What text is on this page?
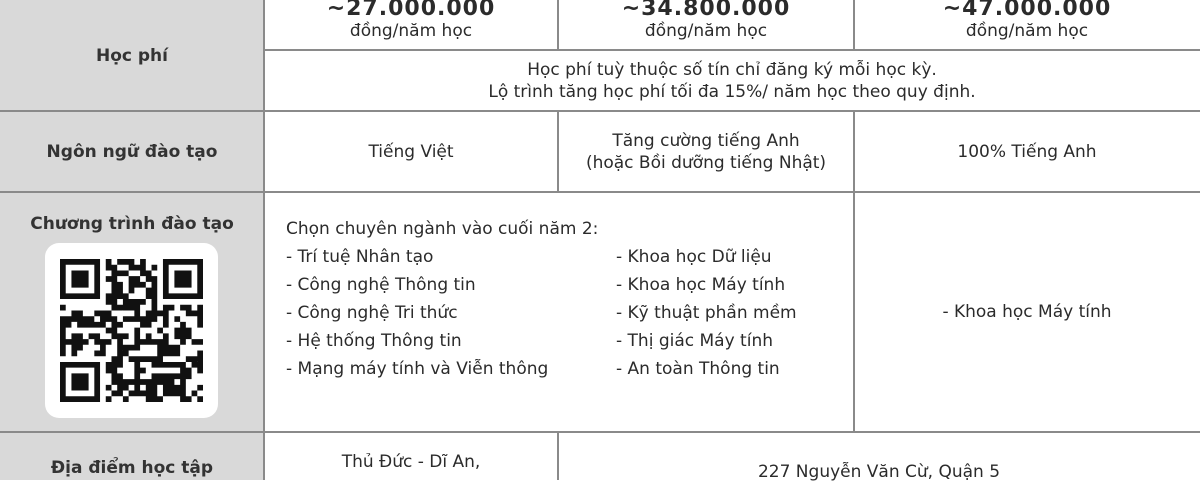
Học phí
Ngôn ngữ đào tạo
Chương trình đào tạo
Địa điểm học tập
~27.000.000
đồng/năm học
~34.800.000
đồng/năm học
~47.000.000
đồng/năm học
Học phí tuỳ thuộc số tín chỉ đăng ký mỗi học kỳ.
Lộ trình tăng học phí tối đa 15%/ năm học theo quy định.
Tiếng Việt
Tăng cường tiếng Anh
(hoặc Bồi dưỡng tiếng Nhật)
100% Tiếng Anh
Chọn chuyên ngành vào cuối năm 2:
- Trí tuệ Nhân tạo
- Công nghệ Thông tin
- Công nghệ Tri thức
- Hệ thống Thông tin
- Mạng máy tính và Viễn thông
- Khoa học Dữ liệu
- Khoa học Máy tính
- Kỹ thuật phần mềm
- Thị giác Máy tính
- An toàn Thông tin
- Khoa học Máy tính
Thủ Đức - Dĩ An,	227 Nguyễn Văn Cừ, Quận 5
